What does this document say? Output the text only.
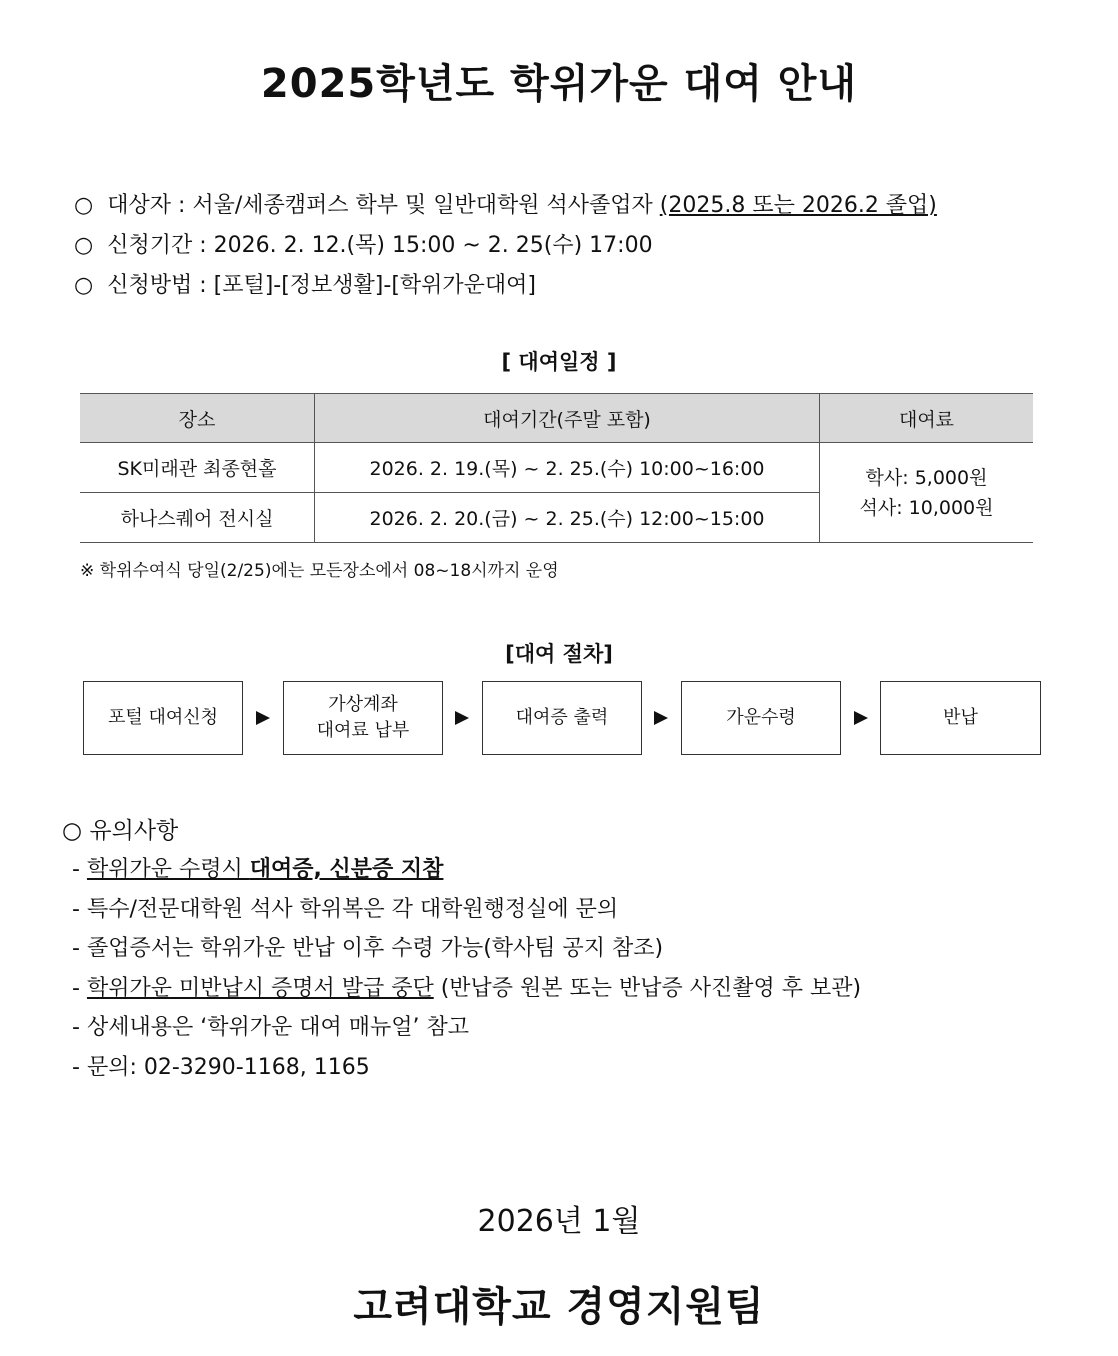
2025학년도 학위가운 대여 안내
○ 대상자 : 서울/세종캠퍼스 학부 및 일반대학원 석사졸업자 (2025.8 또는 2026.2 졸업)
○ 신청기간 : 2026. 2. 12.(목) 15:00 ~ 2. 25(수) 17:00
○ 신청방법 : [포털]-[정보생활]-[학위가운대여]
[ 대여일정 ]
장소	대여기간(주말 포함)	대여료
SK미래관 최종현홀	2026. 2. 19.(목) ~ 2. 25.(수) 10:00~16:00	학사: 5,000원
석사: 10,000원

하나스퀘어 전시실	2026. 2. 20.(금) ~ 2. 25.(수) 12:00~15:00	
※ 학위수여식 당일(2/25)에는 모든장소에서 08~18시까지 운영
[대여 절차]
포털 대여신청
가상계좌
대여료 납부
대여증 출력	가운수령	반납
○ 유의사항
- 학위가운 수령시 대여증, 신분증 지참
- 특수/전문대학원 석사 학위복은 각 대학원행정실에 문의
- 졸업증서는 학위가운 반납 이후 수령 가능(학사팀 공지 참조)
- 학위가운 미반납시 증명서 발급 중단 (반납증 원본 또는 반납증 사진촬영 후 보관)
- 상세내용은 ‘학위가운 대여 매뉴얼’ 참고
- 문의: 02-3290-1168, 1165
2026년 1월
고려대학교 경영지원팀
